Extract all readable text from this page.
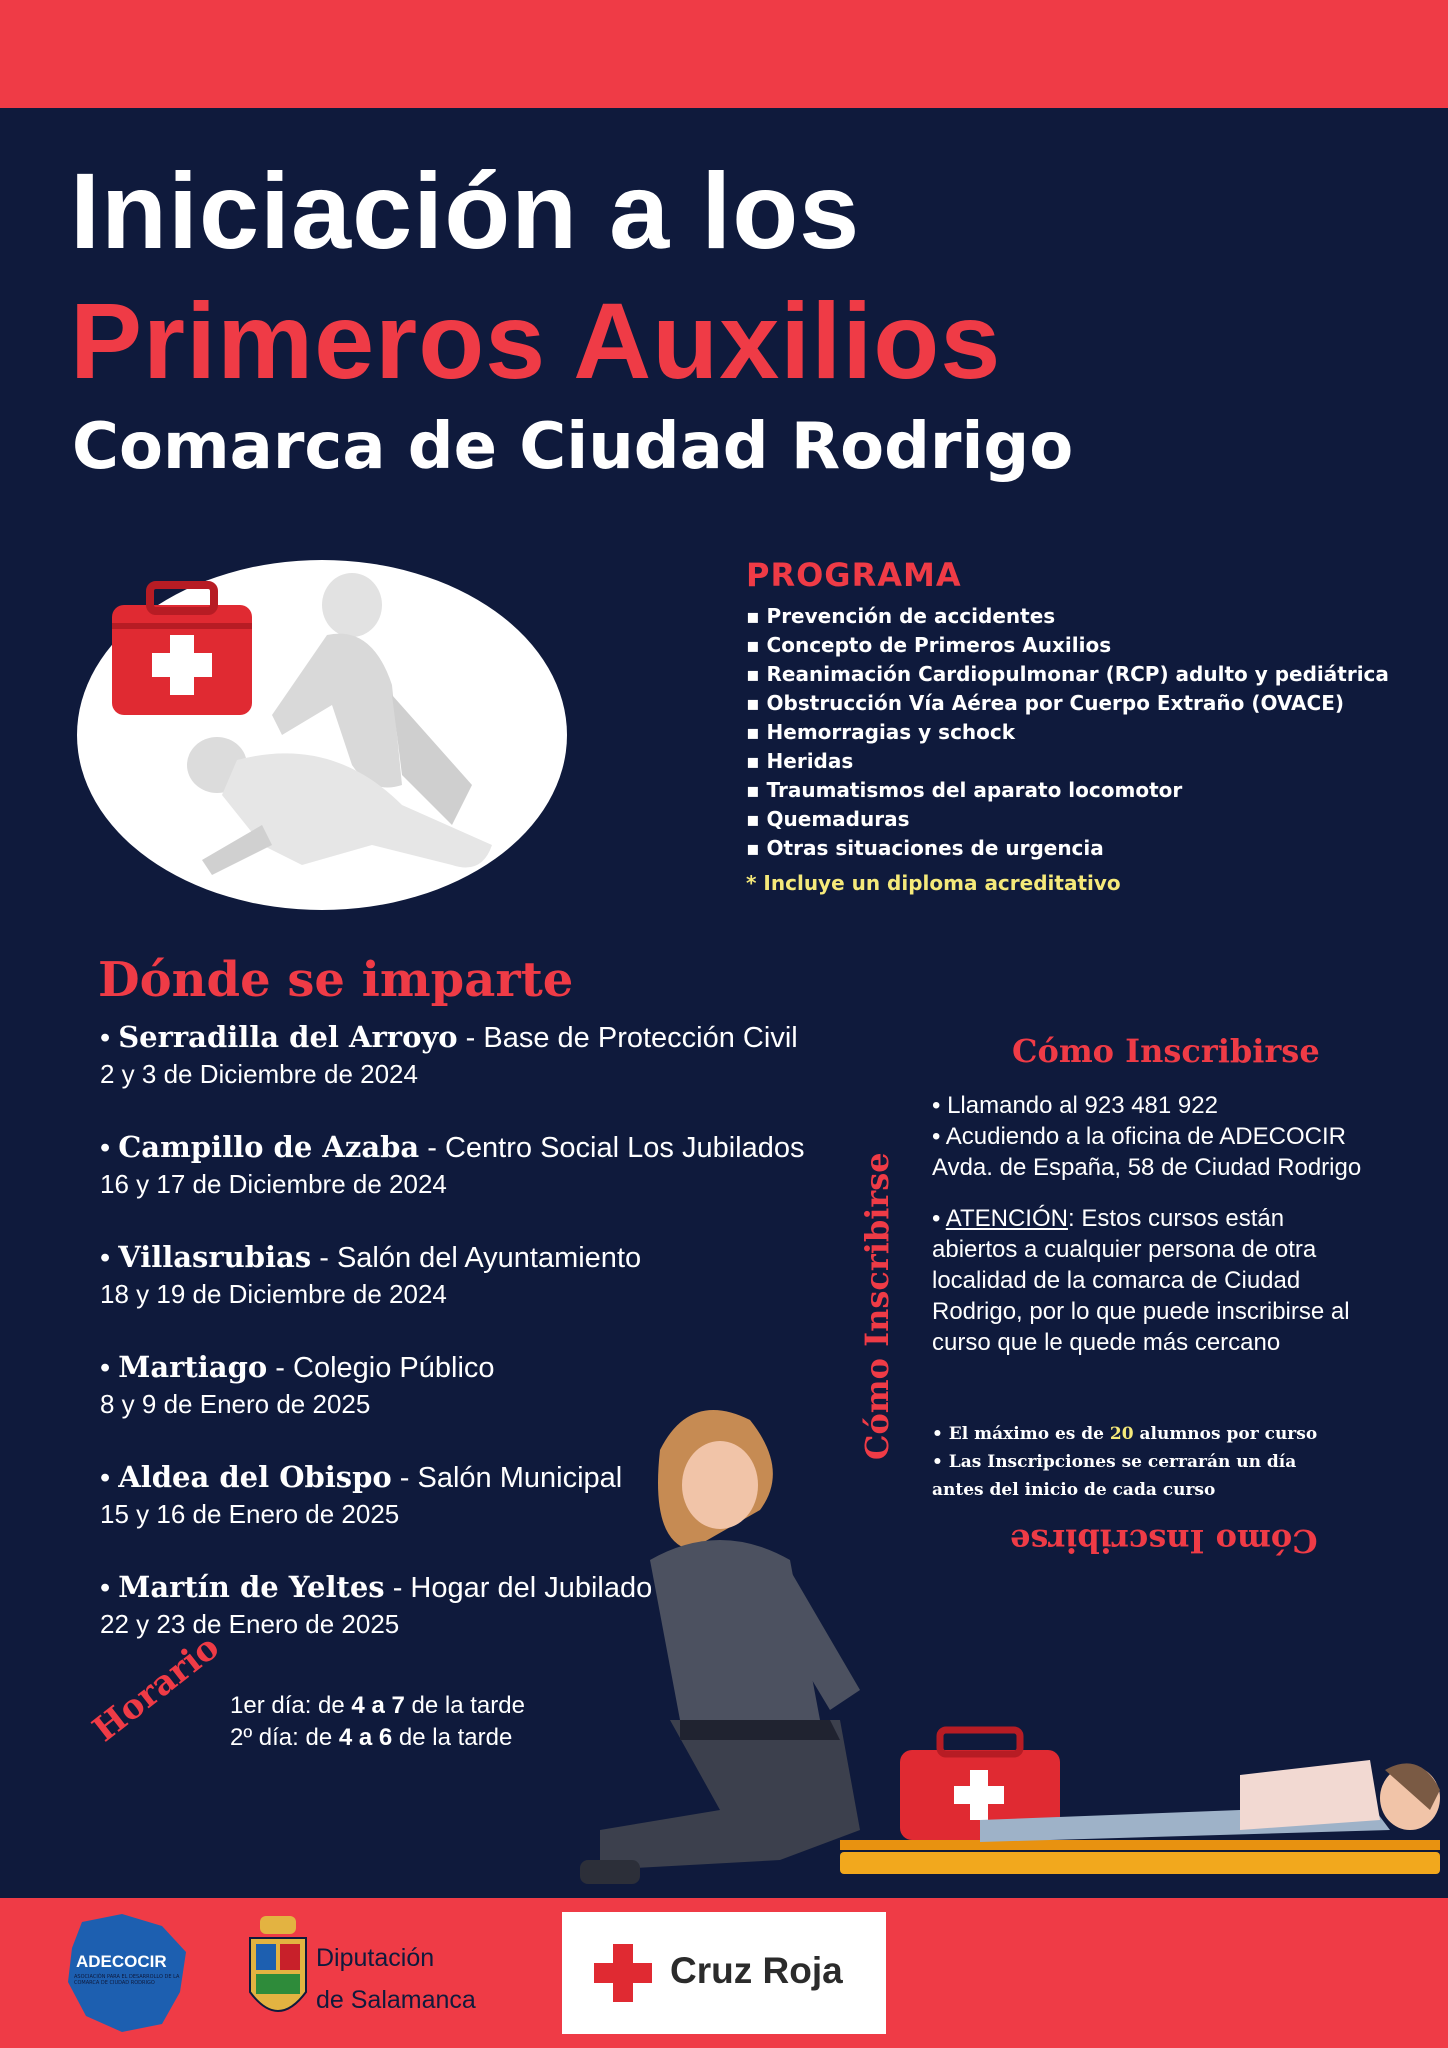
Iniciación a los
Primeros Auxilios
Comarca de Ciudad Rodrigo
PROGRAMA
▪ Prevención de accidentes
▪ Concepto de Primeros Auxilios
▪ Reanimación Cardiopulmonar (RCP) adulto y pediátrica
▪ Obstrucción Vía Aérea por Cuerpo Extraño (OVACE)
▪ Hemorragias y schock
▪ Heridas
▪ Traumatismos del aparato locomotor
▪ Quemaduras
▪ Otras situaciones de urgencia
* Incluye un diploma acreditativo
Dónde se imparte
• Serradilla del Arroyo - Base de Protección Civil
2 y 3 de Diciembre de 2024
• Campillo de Azaba - Centro Social Los Jubilados
16 y 17 de Diciembre de 2024
• Villasrubias - Salón del Ayuntamiento
18 y 19 de Diciembre de 2024
• Martiago - Colegio Público
8 y 9 de Enero de 2025
• Aldea del Obispo - Salón Municipal
15 y 16 de Enero de 2025
• Martín de Yeltes - Hogar del Jubilado
22 y 23 de Enero de 2025
Horario 1er día: de 4 a 7 de la tarde
2º día: de 4 a 6 de la tarde
Cómo Inscribirse
Cómo Inscribirse
• Llamando al 923 481 922
• Acudiendo a la oficina de ADECOCIR
Avda. de España, 58 de Ciudad Rodrigo
• ATENCIÓN: Estos cursos están
abiertos a cualquier persona de otra
localidad de la comarca de Ciudad
Rodrigo, por lo que puede inscribirse al
curso que le quede más cercano
• El máximo es de 20 alumnos por curso
• Las Inscripciones se cerrarán un día
antes del inicio de cada curso
Cómo Inscribirse
ADECOCIR
ASOCIACIÓN PARA EL DESARROLLO DE LA COMARCA DE CIUDAD RODRIGO
Diputación
de Salamanca
Cruz Roja
